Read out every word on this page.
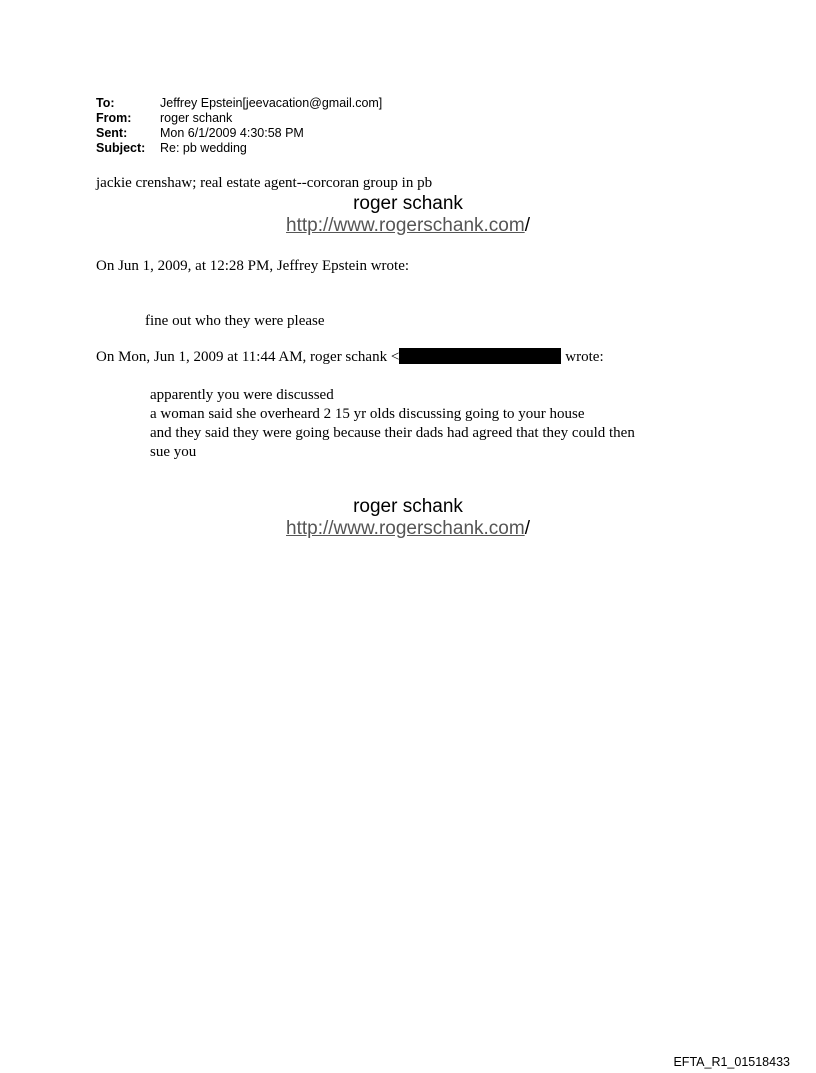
To:	Jeffrey Epstein[jeevacation@gmail.com]
From:	roger schank
Sent:	Mon 6/1/2009 4:30:58 PM
Subject:	Re: pb wedding
jackie crenshaw; real estate agent--corcoran group in pb
roger schank
http://www.rogerschank.com/
On Jun 1, 2009, at 12:28 PM, Jeffrey Epstein wrote:
fine out who they were please
On Mon, Jun 1, 2009 at 11:44 AM, roger schank <	wrote:
apparently you were discussed
a woman said she overheard 2 15 yr olds discussing going to your house
and they said they were going because their dads had agreed that they could then
sue you
roger schank
http://www.rogerschank.com/
EFTA_R1_01518433
